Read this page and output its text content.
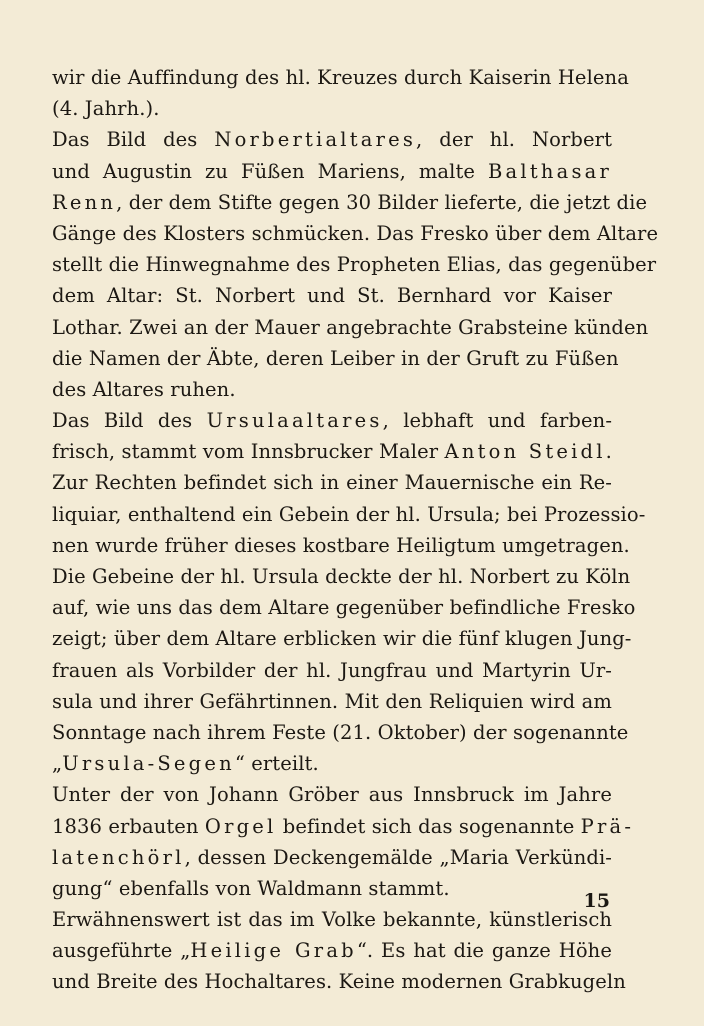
wir die Auffindung des hl. Kreuzes durch Kaiserin Helena
(4. Jahrh.).
Das Bild des Norbertialtares, der hl. Norbert
und Augustin zu Füßen Mariens, malte Balthasar
Renn, der dem Stifte gegen 30 Bilder lieferte, die jetzt die
Gänge des Klosters schmücken. Das Fresko über dem Altare
stellt die Hinwegnahme des Propheten Elias, das gegenüber
dem Altar: St. Norbert und St. Bernhard vor Kaiser
Lothar. Zwei an der Mauer angebrachte Grabsteine künden
die Namen der Äbte, deren Leiber in der Gruft zu Füßen
des Altares ruhen.
Das Bild des Ursulaaltares, lebhaft und farben-
frisch, stammt vom Innsbrucker Maler Anton Steidl.
Zur Rechten befindet sich in einer Mauernische ein Re-
liquiar, enthaltend ein Gebein der hl. Ursula; bei Prozessio-
nen wurde früher dieses kostbare Heiligtum umgetragen.
Die Gebeine der hl. Ursula deckte der hl. Norbert zu Köln
auf, wie uns das dem Altare gegenüber befindliche Fresko
zeigt; über dem Altare erblicken wir die fünf klugen Jung-
frauen als Vorbilder der hl. Jungfrau und Martyrin Ur-
sula und ihrer Gefährtinnen. Mit den Reliquien wird am
Sonntage nach ihrem Feste (21. Oktober) der sogenannte
„Ursula-Segen“ erteilt.
Unter der von Johann Gröber aus Innsbruck im Jahre
1836 erbauten Orgel befindet sich das sogenannte Prä-
latenchörl, dessen Deckengemälde „Maria Verkündi-
gung“ ebenfalls von Waldmann stammt.
Erwähnenswert ist das im Volke bekannte, künstlerisch
ausgeführte „Heilige Grab“. Es hat die ganze Höhe
und Breite des Hochaltares. Keine modernen Grabkugeln
15
